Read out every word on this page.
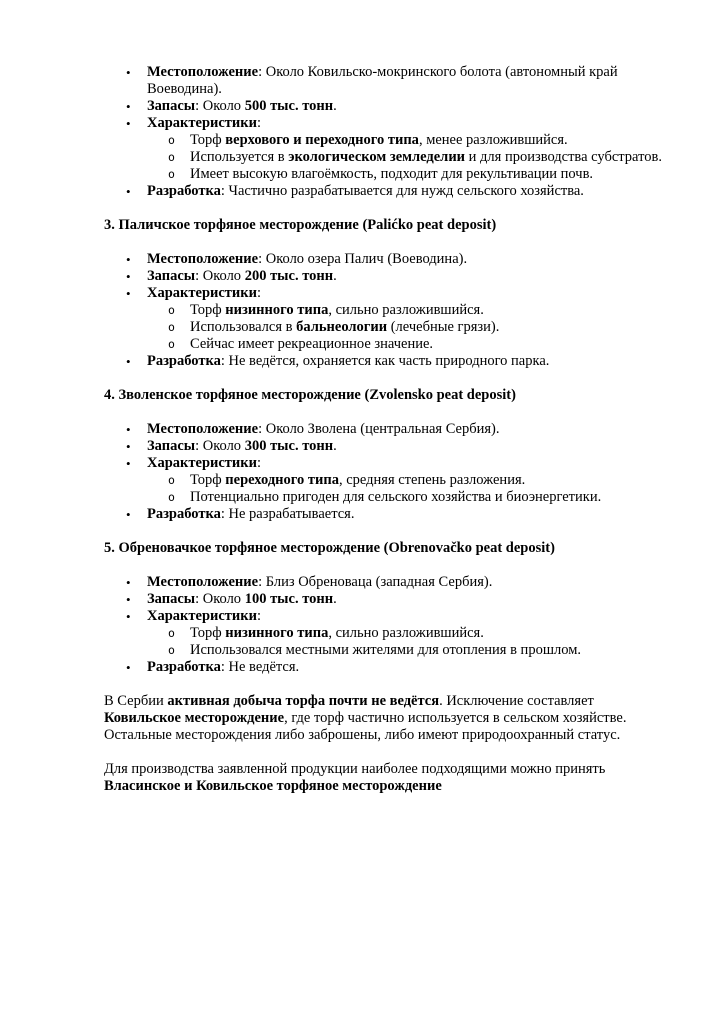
• Местоположение: Около Ковильско-мокринского болота (автономный край Воеводина).
• Запасы: Около 500 тыс. тонн.
• Характеристики:
o Торф верхового и переходного типа, менее разложившийся.
o Используется в экологическом земледелии и для производства субстратов.
o Имеет высокую влагоёмкость, подходит для рекультивации почв.
• Разработка: Частично разрабатывается для нужд сельского хозяйства.
3. Паличское торфяное месторождение (Palićko peat deposit)
• Местоположение: Около озера Палич (Воеводина).
• Запасы: Около 200 тыс. тонн.
• Характеристики:
o Торф низинного типа, сильно разложившийся.
o Использовался в бальнеологии (лечебные грязи).
o Сейчас имеет рекреационное значение.
• Разработка: Не ведётся, охраняется как часть природного парка.
4. Зволенское торфяное месторождение (Zvolensko peat deposit)
• Местоположение: Около Зволена (центральная Сербия).
• Запасы: Около 300 тыс. тонн.
• Характеристики:
o Торф переходного типа, средняя степень разложения.
o Потенциально пригоден для сельского хозяйства и биоэнергетики.
• Разработка: Не разрабатывается.
5. Обреновачкое торфяное месторождение (Obrenovačko peat deposit)
• Местоположение: Близ Обреноваца (западная Сербия).
• Запасы: Около 100 тыс. тонн.
• Характеристики:
o Торф низинного типа, сильно разложившийся.
o Использовался местными жителями для отопления в прошлом.
• Разработка: Не ведётся.
В Сербии активная добыча торфа почти не ведётся. Исключение составляет Ковильское месторождение, где торф частично используется в сельском хозяйстве. Остальные месторождения либо заброшены, либо имеют природоохранный статус.
Для производства заявленной продукции наиболее подходящими можно принять Власинское и Ковильское торфяное месторождение
